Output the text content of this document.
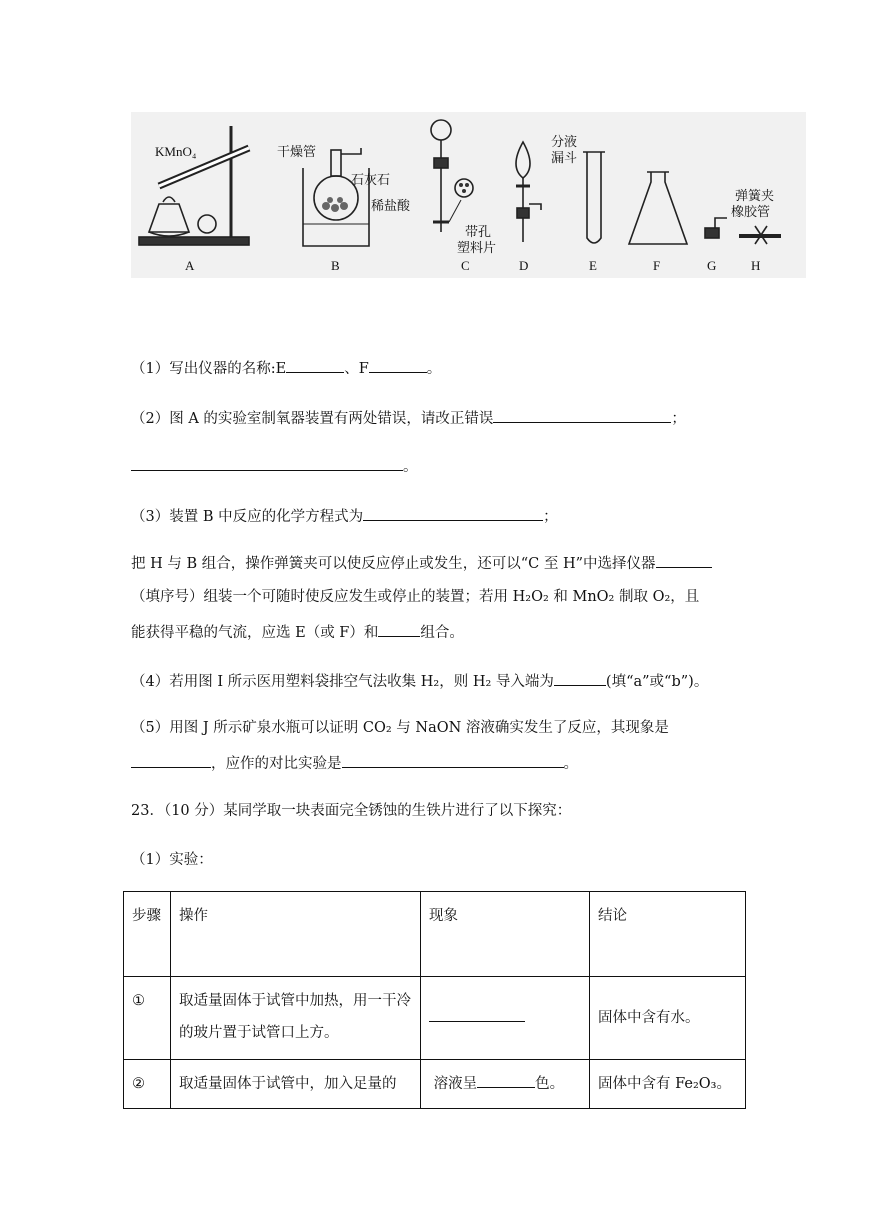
KMnO₄	干燥管
石灰石
稀盐酸
带孔
塑料片
分液
漏斗
弹簧夹
橡胶管
A	B	C	D	E	F	G	H
（1）写出仪器的名称:E	、F	。
（2）图 A 的实验室制氧器装置有两处错误，请改正错误	；
。
（3）装置 B 中反应的化学方程式为	；
把 H 与 B 组合，操作弹簧夹可以使反应停止或发生，还可以“C 至 H”中选择仪器
（填序号）组装一个可随时使反应发生或停止的装置；若用 H₂O₂ 和 MnO₂ 制取 O₂，且
能获得平稳的气流，应选 E（或 F）和	组合。
（4）若用图 I 所示医用塑料袋排空气法收集 H₂，则 H₂ 导入端为	(填“a”或“b”)。
（5）用图 J 所示矿泉水瓶可以证明 CO₂ 与 NaON 溶液确实发生了反应，其现象是
，应作的对比实验是	。
23．（10 分）某同学取一块表面完全锈蚀的生铁片进行了以下探究：
（1）实验：
步骤	操作	现象	结论
①	取适量固体于试管中加热，用一干冷的玻片置于试管口上方。		固体中含有水。
②	取适量固体于试管中，加入足量的	溶液呈 色。	固体中含有 Fe₂O₃。
